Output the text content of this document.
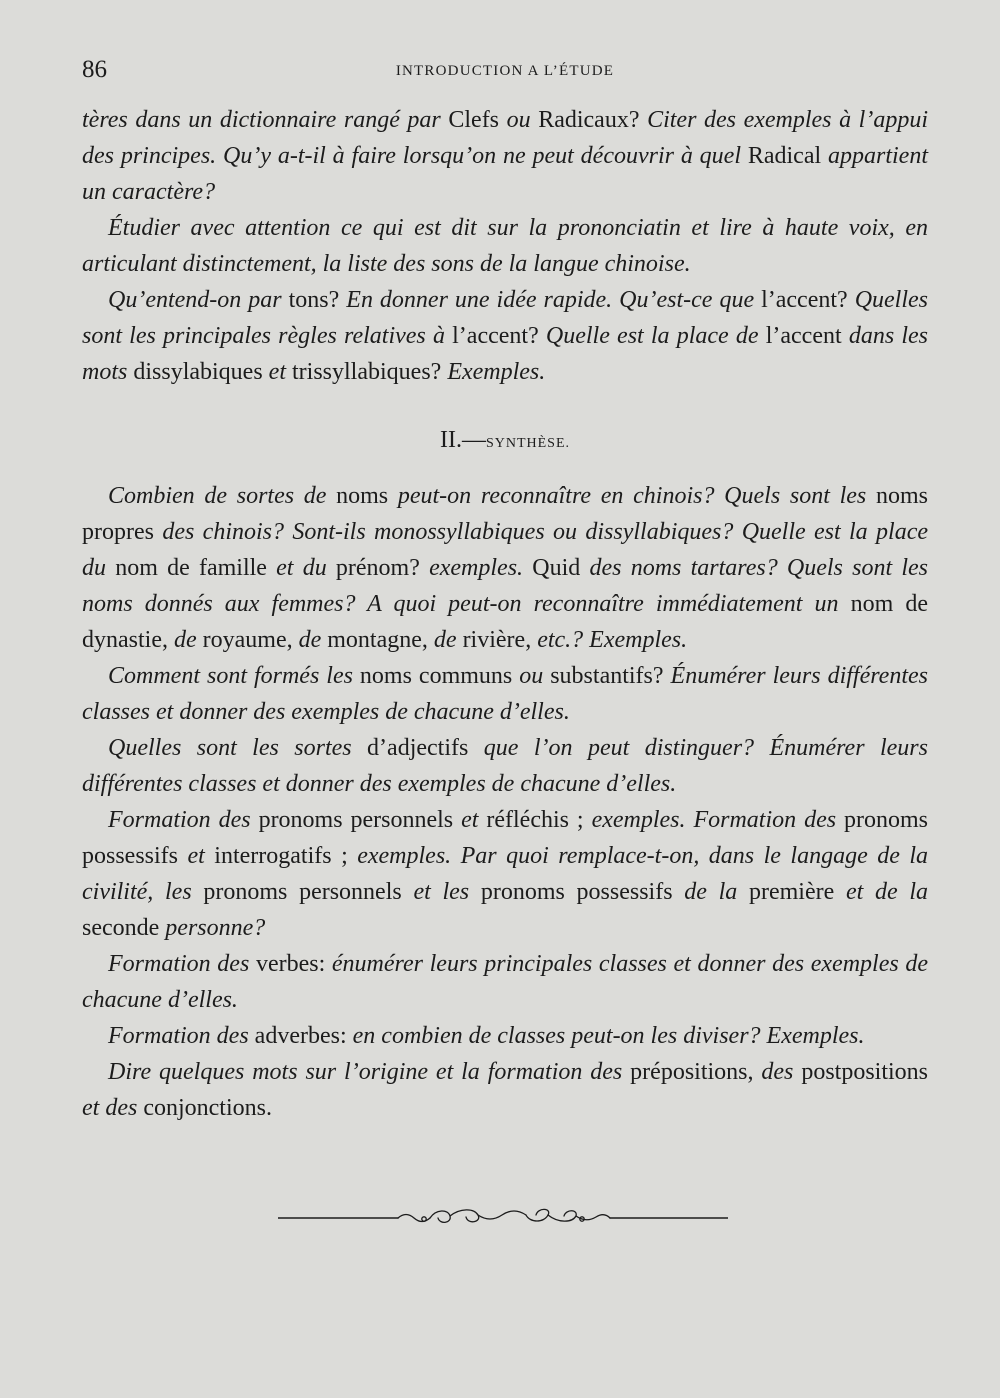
86	INTRODUCTION A L’ÉTUDE

tères dans un dictionnaire rangé par Clefs ou Radicaux? Citer des exemples à l’appui des principes. Qu’y a-t-il à faire lorsqu’on ne peut découvrir à quel Radical appartient un caractère?

Étudier avec attention ce qui est dit sur la prononciatin et lire à haute voix, en articulant distinctement, la liste des sons de la langue chinoise.

Qu’entend-on par tons? En donner une idée rapide. Qu’est-ce que l’accent? Quelles sont les principales règles relatives à l’accent? Quelle est la place de l’accent dans les mots dissylabiques et trissyllabiques? Exemples.

II.—SYNTHÈSE.

Combien de sortes de noms peut-on reconnaître en chinois? Quels sont les noms propres des chinois? Sont-ils monossyllabiques ou dissyllabiques? Quelle est la place du nom de famille et du prénom? exemples. Quid des noms tartares? Quels sont les noms donnés aux femmes? A quoi peut-on reconnaître immédiatement un nom de dynastie, de royaume, de montagne, de rivière, etc.? Exemples.

Comment sont formés les noms communs ou substantifs? Énumérer leurs différentes classes et donner des exemples de chacune d’elles.

Quelles sont les sortes d’adjectifs que l’on peut distinguer? Énumérer leurs différentes classes et donner des exemples de chacune d’elles.

Formation des pronoms personnels et réfléchis ; exemples. Formation des pronoms possessifs et interrogatifs ; exemples. Par quoi remplace-t-on, dans le langage de la civilité, les pronoms personnels et les pronoms possessifs de la première et de la seconde personne?

Formation des verbes: énumérer leurs principales classes et donner des exemples de chacune d’elles.

Formation des adverbes: en combien de classes peut-on les diviser? Exemples.

Dire quelques mots sur l’origine et la formation des prépositions, des postpositions et des conjonctions.
